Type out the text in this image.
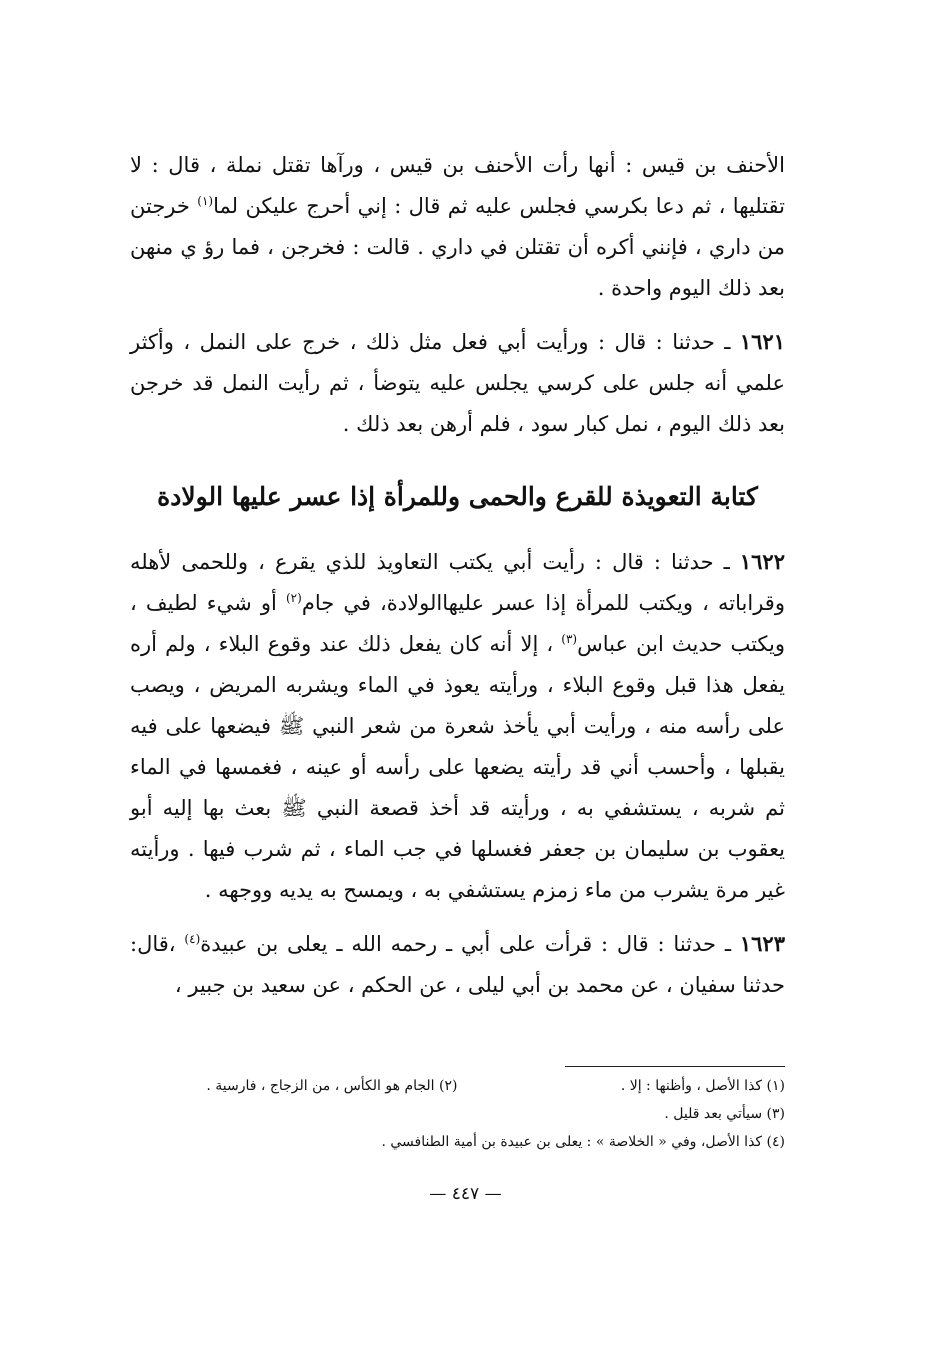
الأحنف بن قيس : أنها رأت الأحنف بن قيس ، ورآها تقتل نملة ، قال : لا تقتليها ، ثم دعا بكرسي فجلس عليه ثم قال : إني أحرج عليكن لما$^{(١)}$ خرجتن من داري ، فإنني أكره أن تقتلن في داري . قالت : فخرجن ، فما رؤ ي منهن بعد ذلك اليوم واحدة .

١٦٢١ ـ حدثنا : قال : ورأيت أبي فعل مثل ذلك ، خرج على النمل ، وأكثر علمي أنه جلس على كرسي يجلس عليه يتوضأ ، ثم رأيت النمل قد خرجن بعد ذلك اليوم ، نمل كبار سود ، فلم أرهن بعد ذلك .

كتابة التعويذة للقرع والحمى وللمرأة إذا عسر عليها الولادة

١٦٢٢ ـ حدثنا : قال : رأيت أبي يكتب التعاويذ للذي يقرع ، وللحمى لأهله وقراباته ، ويكتب للمرأة إذا عسر عليهاالولادة، في جام$^{(٢)}$ أو شيء لطيف ، ويكتب حديث ابن عباس$^{(٣)}$ ، إلا أنه كان يفعل ذلك عند وقوع البلاء ، ولم أره يفعل هذا قبل وقوع البلاء ، ورأيته يعوذ في الماء ويشربه المريض ، ويصب على رأسه منه ، ورأيت أبي يأخذ شعرة من شعر النبي ﷺ فيضعها على فيه يقبلها ، وأحسب أني قد رأيته يضعها على رأسه أو عينه ، فغمسها في الماء ثم شربه ، يستشفي به ، ورأيته قد أخذ قصعة النبي ﷺ بعث بها إليه أبو يعقوب بن سليمان بن جعفر فغسلها في جب الماء ، ثم شرب فيها . ورأيته غير مرة يشرب من ماء زمزم يستشفي به ، ويمسح به يديه ووجهه .

١٦٢٣ ـ حدثنا : قال : قرأت على أبي ـ رحمه الله ـ يعلى بن عبيدة$^{(٤)}$ ،قال: حدثنا سفيان ، عن محمد بن أبي ليلى ، عن الحكم ، عن سعيد بن جبير ،

(١) كذا الأصل ، وأظنها : إلا .
(٢) الجام هو الكأس ، من الزجاج ، فارسية .
(٣) سيأتي بعد قليل .
(٤) كذا الأصل، وفي « الخلاصة » : يعلى بن عبيدة بن أمية الطنافسي .
— ٤٤٧ —
